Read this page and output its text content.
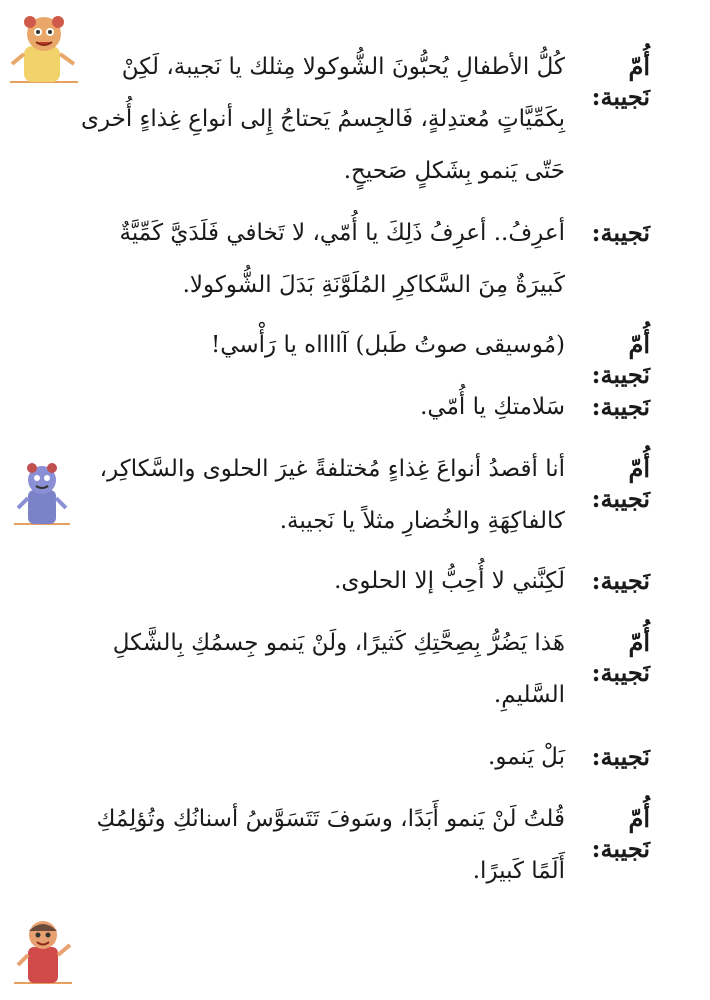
أُمّ نَجيبة:
كُلُّ الأطفالِ يُحبُّونَ الشُّوكولا مِثلك يا نَجيبة، لَكِنْ
بِكَمِّيَّاتٍ مُعتدِلةٍ، فَالجِسمُ يَحتاجُ إِلى أنواعِ غِذاءٍ أُخرى
حَتّى يَنمو بِشَكلٍ صَحيحٍ.
نَجيبة:
أعرِفُ.. أعرِفُ ذَلِكَ يا أُمّي، لا تَخافي فَلَدَيَّ كَمِّيَّةٌ
كَبيرَةٌ مِنَ السَّكاكِرِ المُلَوَّنَةِ بَدَلَ الشُّوكولا.
أُمّ نَجيبة:
(مُوسيقى صوتُ طَبل) آااااه يا رَأْسي!
نَجيبة:
سَلامتكِ يا أُمّي.
أُمّ نَجيبة:
أنا أقصدُ أنواعَ غِذاءٍ مُختلفةً غيرَ الحلوى والسَّكاكِر،
كالفاكِهَةِ والخُضارِ مثلاً يا نَجيبة.
نَجيبة:
لَكِنَّني لا أُحِبُّ إلا الحلوى.
أُمّ نَجيبة:
هَذا يَضُرُّ بِصِحَّتِكِ كَثيرًا، ولَنْ يَنمو جِسمُكِ بِالشَّكلِ
السَّليمِ.
نَجيبة:
بَلْ يَنمو.
أُمّ نَجيبة:
قُلتُ لَنْ يَنمو أَبَدًا، وسَوفَ تَتَسَوَّسُ أسنانُكِ وتُؤلِمُكِ
أَلَمًا كَبيرًا.
